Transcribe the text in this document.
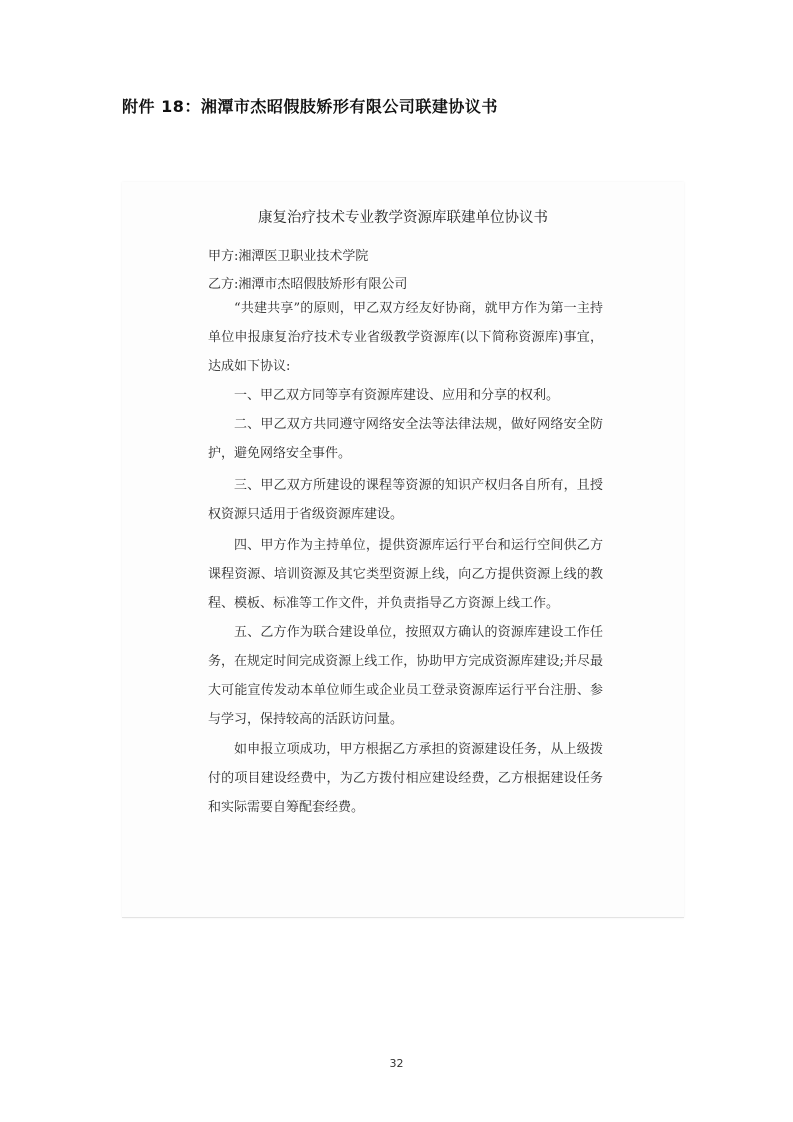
附件 18：湘潭市杰昭假肢矫形有限公司联建协议书
康复治疗技术专业教学资源库联建单位协议书
甲方:湘潭医卫职业技术学院
乙方:湘潭市杰昭假肢矫形有限公司

“共建共享”的原则，甲乙双方经友好协商，就甲方作为第一主持单位申报康复治疗技术专业省级教学资源库(以下简称资源库)事宜，达成如下协议:

一、甲乙双方同等享有资源库建设、应用和分享的权利。

二、甲乙双方共同遵守网络安全法等法律法规，做好网络安全防护，避免网络安全事件。

三、甲乙双方所建设的课程等资源的知识产权归各自所有，且授权资源只适用于省级资源库建设。

四、甲方作为主持单位，提供资源库运行平台和运行空间供乙方课程资源、培训资源及其它类型资源上线，向乙方提供资源上线的教程、模板、标准等工作文件，并负责指导乙方资源上线工作。

五、乙方作为联合建设单位，按照双方确认的资源库建设工作任务，在规定时间完成资源上线工作，协助甲方完成资源库建设;并尽最大可能宣传发动本单位师生或企业员工登录资源库运行平台注册、参与学习，保持较高的活跃访问量。

如申报立项成功，甲方根据乙方承担的资源建设任务，从上级拨付的项目建设经费中，为乙方拨付相应建设经费，乙方根据建设任务和实际需要自筹配套经费。

32
